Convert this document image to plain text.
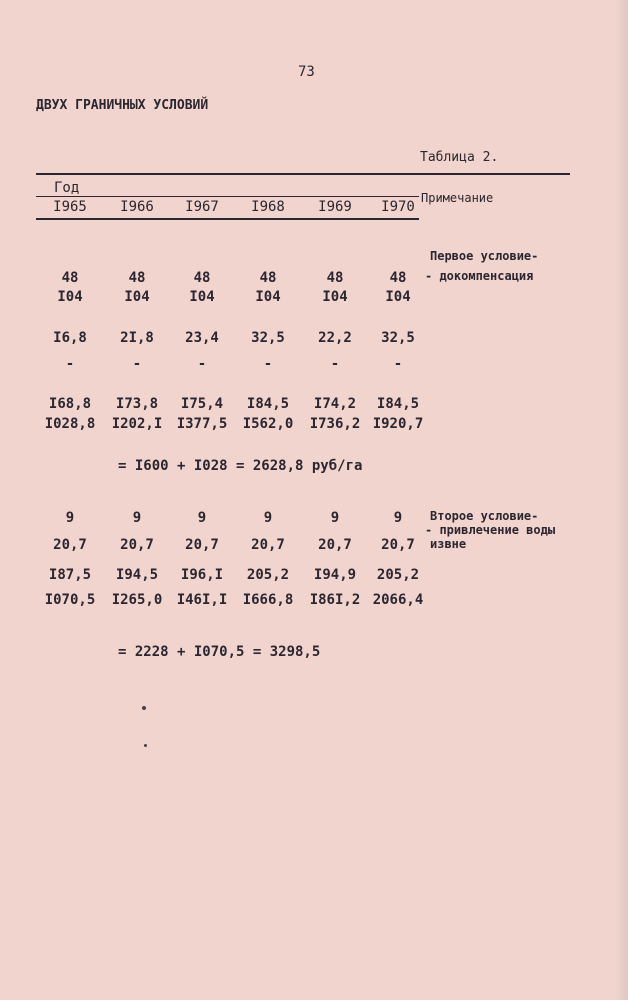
73
ДВУХ ГРАНИЧНЫХ УСЛОВИЙ
Таблица 2.
Год
Примечание
I965	I966	I967	I968	I969	I970
Первое условие-
- докомпенсация
48	48	48	48	48	48
I04	I04	I04	I04	I04	I04
I6,8	2I,8	23,4	32,5	22,2	32,5
-	-	-	-	-	-
I68,8	I73,8	I75,4	I84,5	I74,2	I84,5
I028,8	I202,I	I377,5	I562,0	I736,2 I920,7
= I600 + I028 = 2628,8 руб/га
Второе условие-
- привлечение воды
извне
9	9	9	9	9	9
20,7	20,7	20,7	20,7	20,7	20,7
I87,5	I94,5	I96,I	205,2	I94,9	205,2
I070,5	I265,0	I46I,I	I666,8	I86I,2 2066,4
= 2228 + I070,5 = 3298,5
